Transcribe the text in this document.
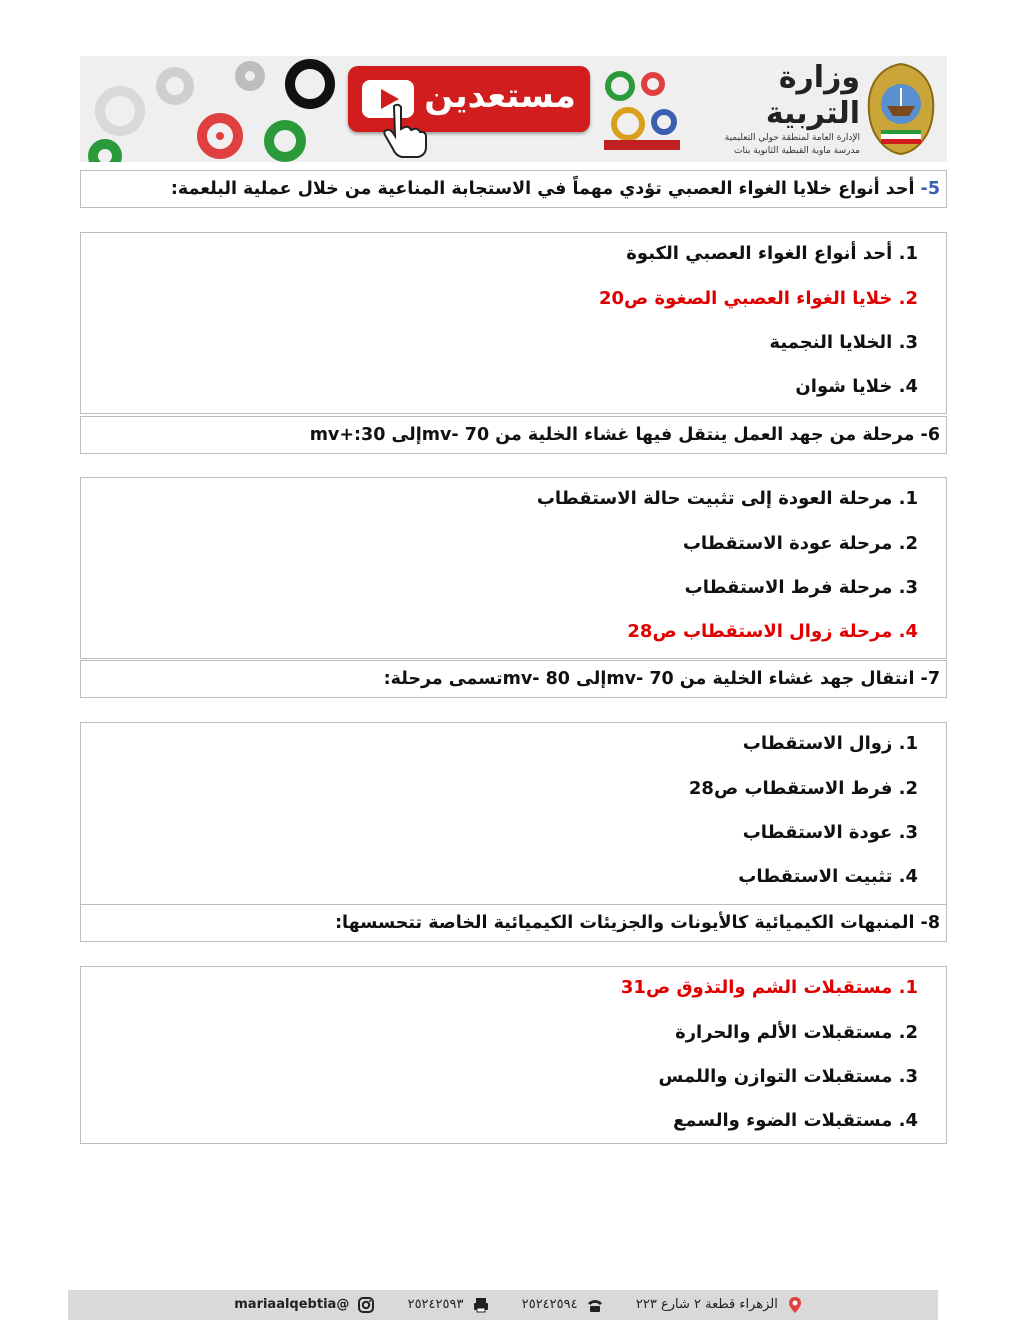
مستعدين	وزارة التربية
الإدارة العامة لمنطقة حولي التعليمية
مدرسة ماوية القبطية الثانوية بنات
5- أحد أنواع خلايا الغواء العصبي تؤدي مهماً في الاستجابة المناعية من خلال عملية البلعمة:
1. أحد أنواع الغواء العصبي الكبوة
2. خلايا الغواء العصبي الصغوة ص20
3. الخلايا النجمية
4. خلايا شوان
6- مرحلة من جهد العمل ينتقل فيها غشاء الخلية من 70 -mvإلى 30:+mv
1. مرحلة العودة إلى تثبيت حالة الاستقطاب
2. مرحلة عودة الاستقطاب
3. مرحلة فرط الاستقطاب
4. مرحلة زوال الاستقطاب ص28
7- انتقال جهد غشاء الخلية من 70 -mvإلى 80 -mvتسمى مرحلة:
1. زوال الاستقطاب
2. فرط الاستقطاب ص28
3. عودة الاستقطاب
4. تثبيت الاستقطاب
8- المنبهات الكيميائية كالأيونات والجزيئات الكيميائية الخاصة تتحسسها:
1. مستقبلات الشم والتذوق ص31
2. مستقبلات الألم والحرارة
3. مستقبلات التوازن واللمس
4. مستقبلات الضوء والسمع
الزهراء قطعة ٢ شارع ٢٢٣  ٢٥٢٤٢٥٩٤  ٢٥٢٤٢٥٩٣  @mariaalqebtia
